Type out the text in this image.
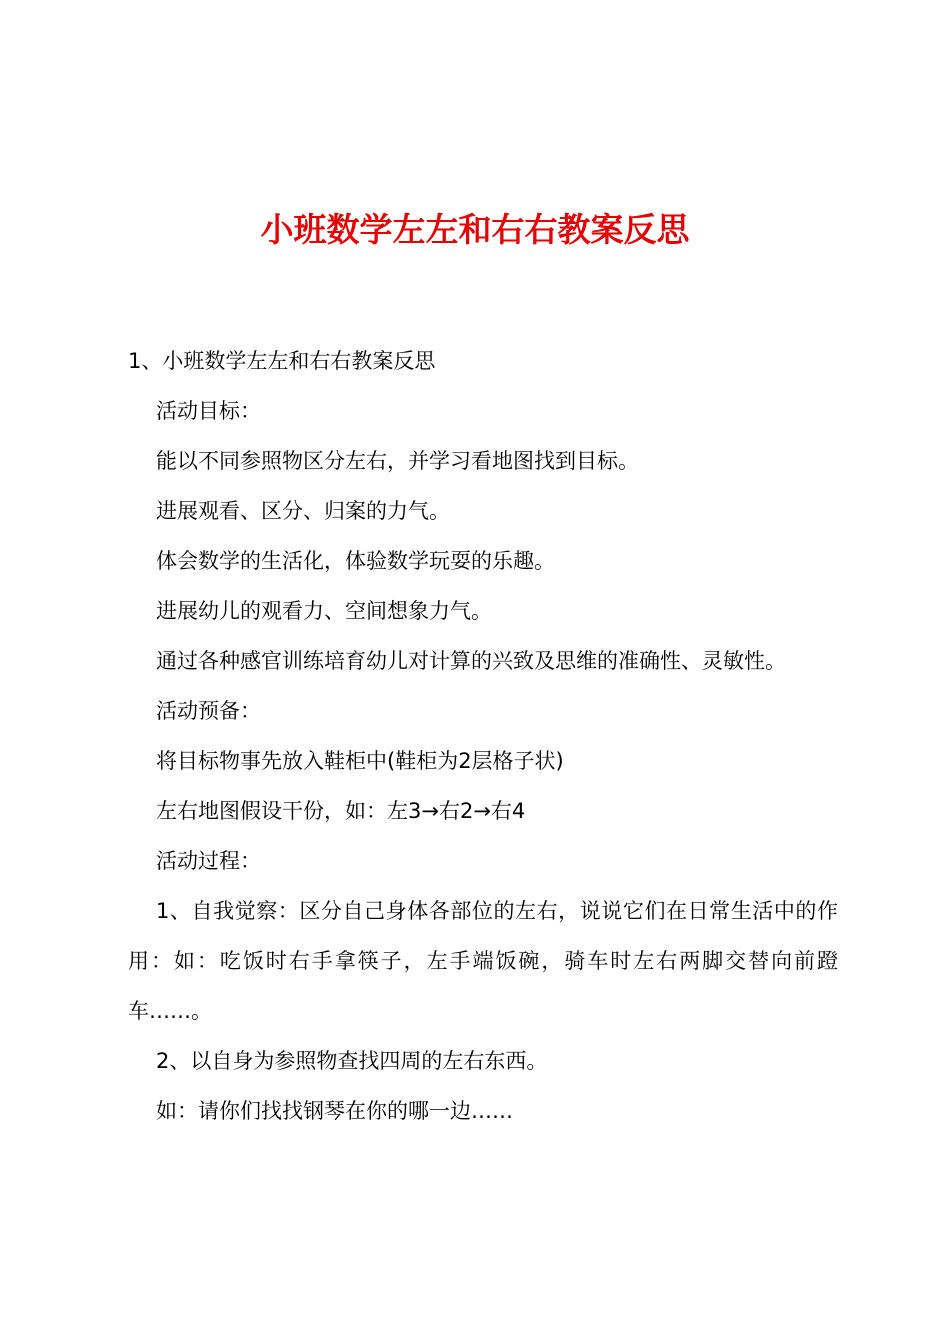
小班数学左左和右右教案反思

1、小班数学左左和右右教案反思

活动目标：

能以不同参照物区分左右，并学习看地图找到目标。

进展观看、区分、归案的力气。

体会数学的生活化，体验数学玩耍的乐趣。

进展幼儿的观看力、空间想象力气。

通过各种感官训练培育幼儿对计算的兴致及思维的准确性、灵敏性。

活动预备：

将目标物事先放入鞋柜中(鞋柜为2层格子状)

左右地图假设干份，如：左3→右2→右4

活动过程：

1、自我觉察：区分自己身体各部位的左右，说说它们在日常生活中的作用：如：吃饭时右手拿筷子，左手端饭碗，骑车时左右两脚交替向前蹬车……。

2、以自身为参照物查找四周的左右东西。

如：请你们找找钢琴在你的哪一边……
